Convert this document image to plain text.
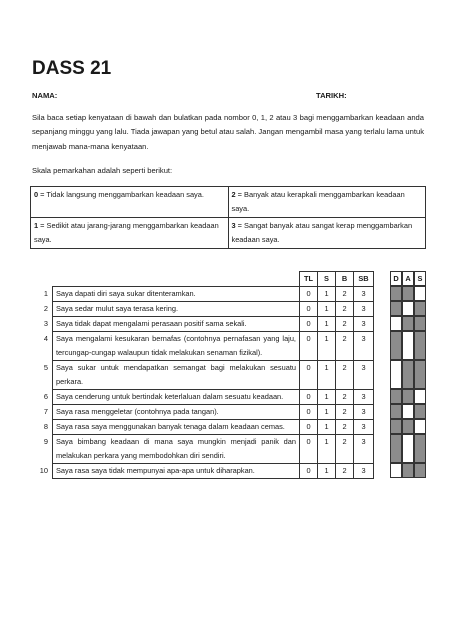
DASS 21
NAMA:	TARIKH:
Sila baca setiap kenyataan di bawah dan bulatkan pada nombor 0, 1, 2 atau 3 bagi menggambarkan keadaan anda sepanjang minggu yang lalu. Tiada jawapan yang betul atau salah. Jangan mengambil masa yang terlalu lama untuk menjawab mana-mana kenyataan.
Skala pemarkahan adalah seperti berikut:
0 = Tidak langsung menggambarkan keadaan saya.	2 = Banyak atau kerapkali menggambarkan keadaan saya.
1 = Sedikit atau jarang-jarang menggambarkan keadaan saya.	3 = Sangat banyak atau sangat kerap menggambarkan keadaan saya.
	TL	S	B	SB

1 Saya dapati diri saya sukar ditenteramkan.	0	1	2	3

2 Saya sedar mulut saya terasa kering.	0	1	2	3

3 Saya tidak dapat mengalami perasaan positif sama sekali.	0	1	2	3

4 Saya mengalami kesukaran bernafas (contohnya pernafasan yang laju, tercungap-cungap walaupun tidak melakukan senaman fizikal).	0	1	2	3

5 Saya sukar untuk mendapatkan semangat bagi melakukan sesuatu perkara.	0	1	2	3

6 Saya cenderung untuk bertindak keterlaluan dalam sesuatu keadaan.	0	1	2	3

7 Saya rasa menggeletar (contohnya pada tangan).	0	1	2	3

8 Saya rasa saya menggunakan banyak tenaga dalam keadaan cemas.	0	1	2	3

9 Saya bimbang keadaan di mana saya mungkin menjadi panik dan melakukan perkara yang membodohkan diri sendiri.	0	1	2	3

10 Saya rasa saya tidak mempunyai apa-apa untuk diharapkan.	0	1	2	3
D A S
